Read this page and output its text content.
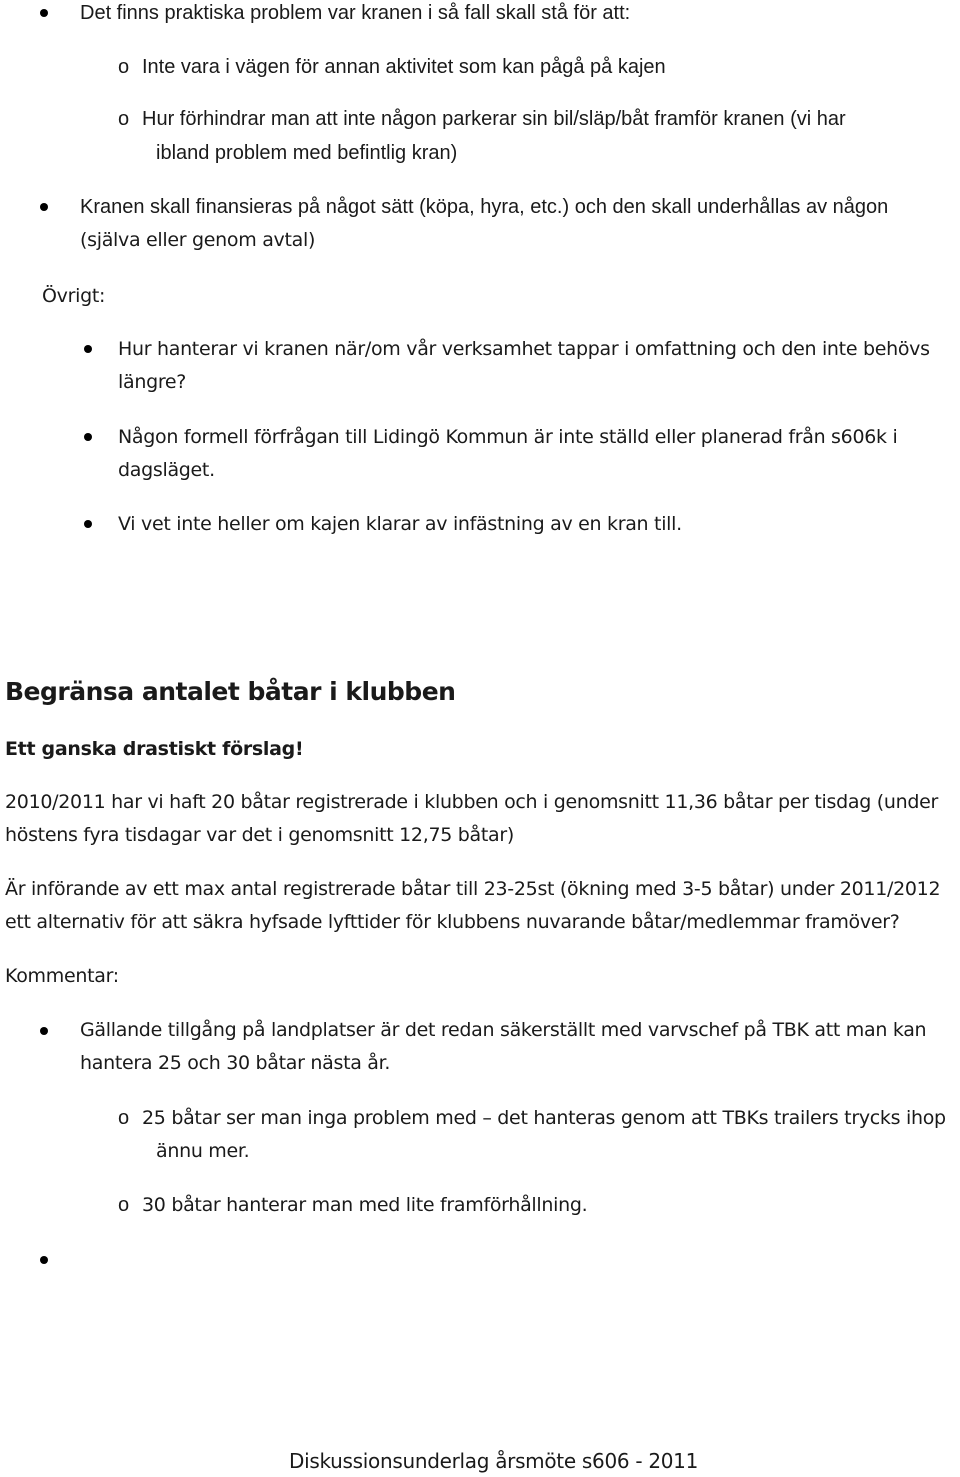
Det finns praktiska problem var kranen i så fall skall stå för att:
o Inte vara i vägen för annan aktivitet som kan pågå på kajen
o Hur förhindrar man att inte någon parkerar sin bil/släp/båt framför kranen (vi har
ibland problem med befintlig kran)
Kranen skall finansieras på något sätt (köpa, hyra, etc.) och den skall underhållas av någon
(själva eller genom avtal)
Övrigt:
Hur hanterar vi kranen när/om vår verksamhet tappar i omfattning och den inte behövs
längre?
Någon formell förfrågan till Lidingö Kommun är inte ställd eller planerad från s606k i
dagsläget.
Vi vet inte heller om kajen klarar av infästning av en kran till.
Begränsa antalet båtar i klubben
Ett ganska drastiskt förslag!
2010/2011 har vi haft 20 båtar registrerade i klubben och i genomsnitt 11,36 båtar per tisdag (under
höstens fyra tisdagar var det i genomsnitt 12,75 båtar)
Är införande av ett max antal registrerade båtar till 23-25st (ökning med 3-5 båtar) under 2011/2012
ett alternativ för att säkra hyfsade lyfttider för klubbens nuvarande båtar/medlemmar framöver?
Kommentar:
Gällande tillgång på landplatser är det redan säkerställt med varvschef på TBK att man kan
hantera 25 och 30 båtar nästa år.
o 25 båtar ser man inga problem med – det hanteras genom att TBKs trailers trycks ihop
ännu mer.
o 30 båtar hanterar man med lite framförhållning.
Diskussionsunderlag årsmöte s606 - 2011
